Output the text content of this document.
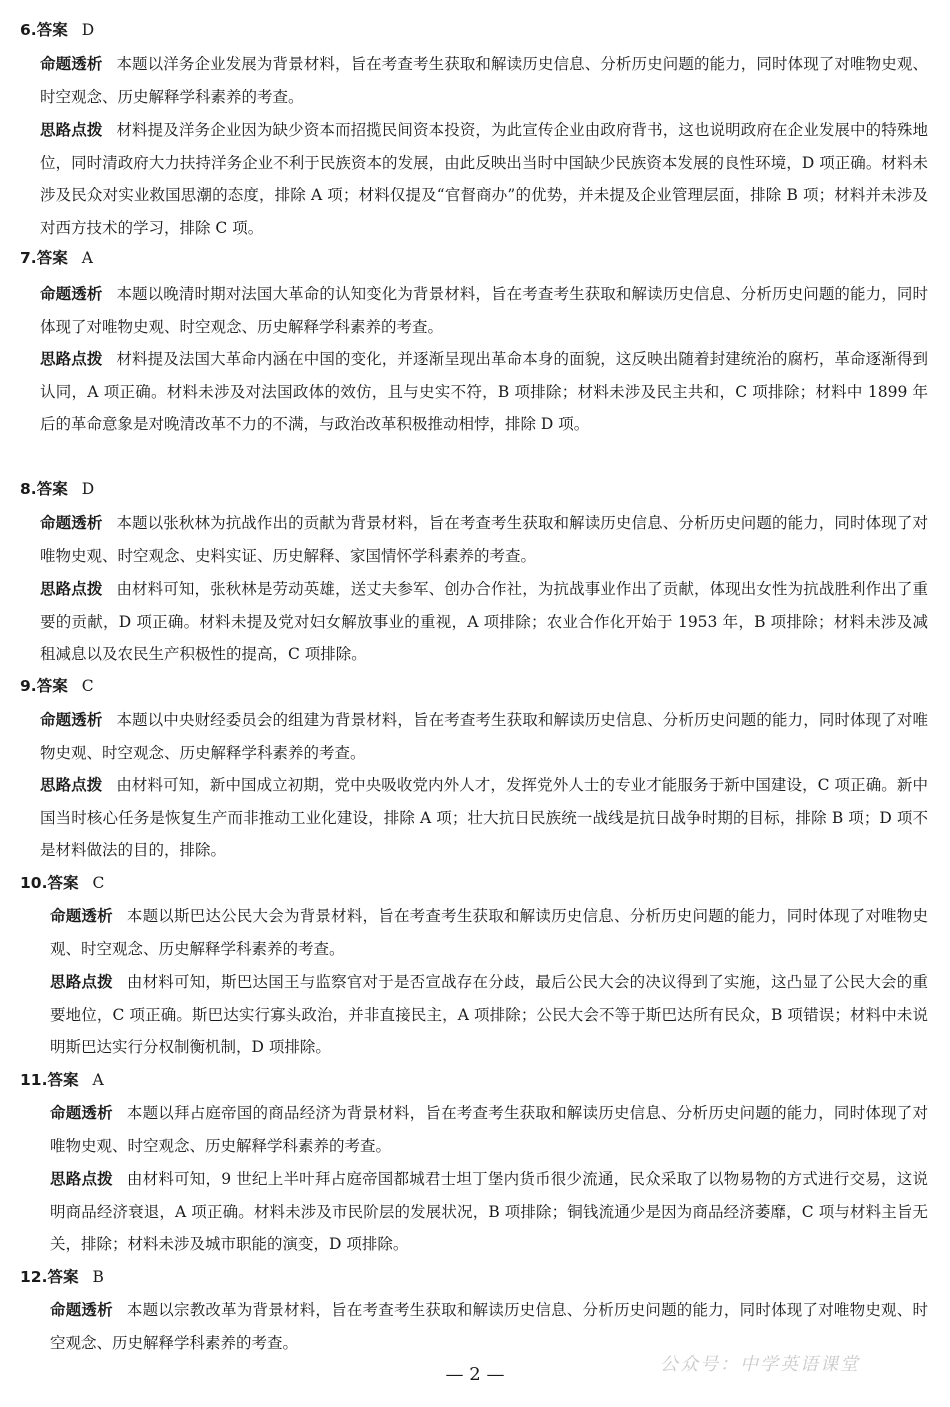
6.答案 D

命题透析 本题以洋务企业发展为背景材料，旨在考查考生获取和解读历史信息、分析历史问题的能力，同时体现了对唯物史观、时空观念、历史解释学科素养的考查。

思路点拨 材料提及洋务企业因为缺少资本而招揽民间资本投资，为此宣传企业由政府背书，这也说明政府在企业发展中的特殊地位，同时清政府大力扶持洋务企业不利于民族资本的发展，由此反映出当时中国缺少民族资本发展的良性环境，D 项正确。材料未涉及民众对实业救国思潮的态度，排除 A 项；材料仅提及“官督商办”的优势，并未提及企业管理层面，排除 B 项；材料并未涉及对西方技术的学习，排除 C 项。

7.答案 A

命题透析 本题以晚清时期对法国大革命的认知变化为背景材料，旨在考查考生获取和解读历史信息、分析历史问题的能力，同时体现了对唯物史观、时空观念、历史解释学科素养的考查。

思路点拨 材料提及法国大革命内涵在中国的变化，并逐渐呈现出革命本身的面貌，这反映出随着封建统治的腐朽，革命逐渐得到认同，A 项正确。材料未涉及对法国政体的效仿，且与史实不符，B 项排除；材料未涉及民主共和，C 项排除；材料中 1899 年后的革命意象是对晚清改革不力的不满，与政治改革积极推动相悖，排除 D 项。

8.答案 D

命题透析 本题以张秋林为抗战作出的贡献为背景材料，旨在考查考生获取和解读历史信息、分析历史问题的能力，同时体现了对唯物史观、时空观念、史料实证、历史解释、家国情怀学科素养的考查。

思路点拨 由材料可知，张秋林是劳动英雄，送丈夫参军、创办合作社，为抗战事业作出了贡献，体现出女性为抗战胜利作出了重要的贡献，D 项正确。材料未提及党对妇女解放事业的重视，A 项排除；农业合作化开始于 1953 年，B 项排除；材料未涉及减租减息以及农民生产积极性的提高，C 项排除。

9.答案 C

命题透析 本题以中央财经委员会的组建为背景材料，旨在考查考生获取和解读历史信息、分析历史问题的能力，同时体现了对唯物史观、时空观念、历史解释学科素养的考查。

思路点拨 由材料可知，新中国成立初期，党中央吸收党内外人才，发挥党外人士的专业才能服务于新中国建设，C 项正确。新中国当时核心任务是恢复生产而非推动工业化建设，排除 A 项；壮大抗日民族统一战线是抗日战争时期的目标，排除 B 项；D 项不是材料做法的目的，排除。

10.答案 C

命题透析 本题以斯巴达公民大会为背景材料，旨在考查考生获取和解读历史信息、分析历史问题的能力，同时体现了对唯物史观、时空观念、历史解释学科素养的考查。

思路点拨 由材料可知，斯巴达国王与监察官对于是否宣战存在分歧，最后公民大会的决议得到了实施，这凸显了公民大会的重要地位，C 项正确。斯巴达实行寡头政治，并非直接民主，A 项排除；公民大会不等于斯巴达所有民众，B 项错误；材料中未说明斯巴达实行分权制衡机制，D 项排除。

11.答案 A

命题透析 本题以拜占庭帝国的商品经济为背景材料，旨在考查考生获取和解读历史信息、分析历史问题的能力，同时体现了对唯物史观、时空观念、历史解释学科素养的考查。

思路点拨 由材料可知，9 世纪上半叶拜占庭帝国都城君士坦丁堡内货币很少流通，民众采取了以物易物的方式进行交易，这说明商品经济衰退，A 项正确。材料未涉及市民阶层的发展状况，B 项排除；铜钱流通少是因为商品经济萎靡，C 项与材料主旨无关，排除；材料未涉及城市职能的演变，D 项排除。

12.答案 B

命题透析 本题以宗教改革为背景材料，旨在考查考生获取和解读历史信息、分析历史问题的能力，同时体现了对唯物史观、时空观念、历史解释学科素养的考查。

— 2 —	公众号：中学英语课堂
